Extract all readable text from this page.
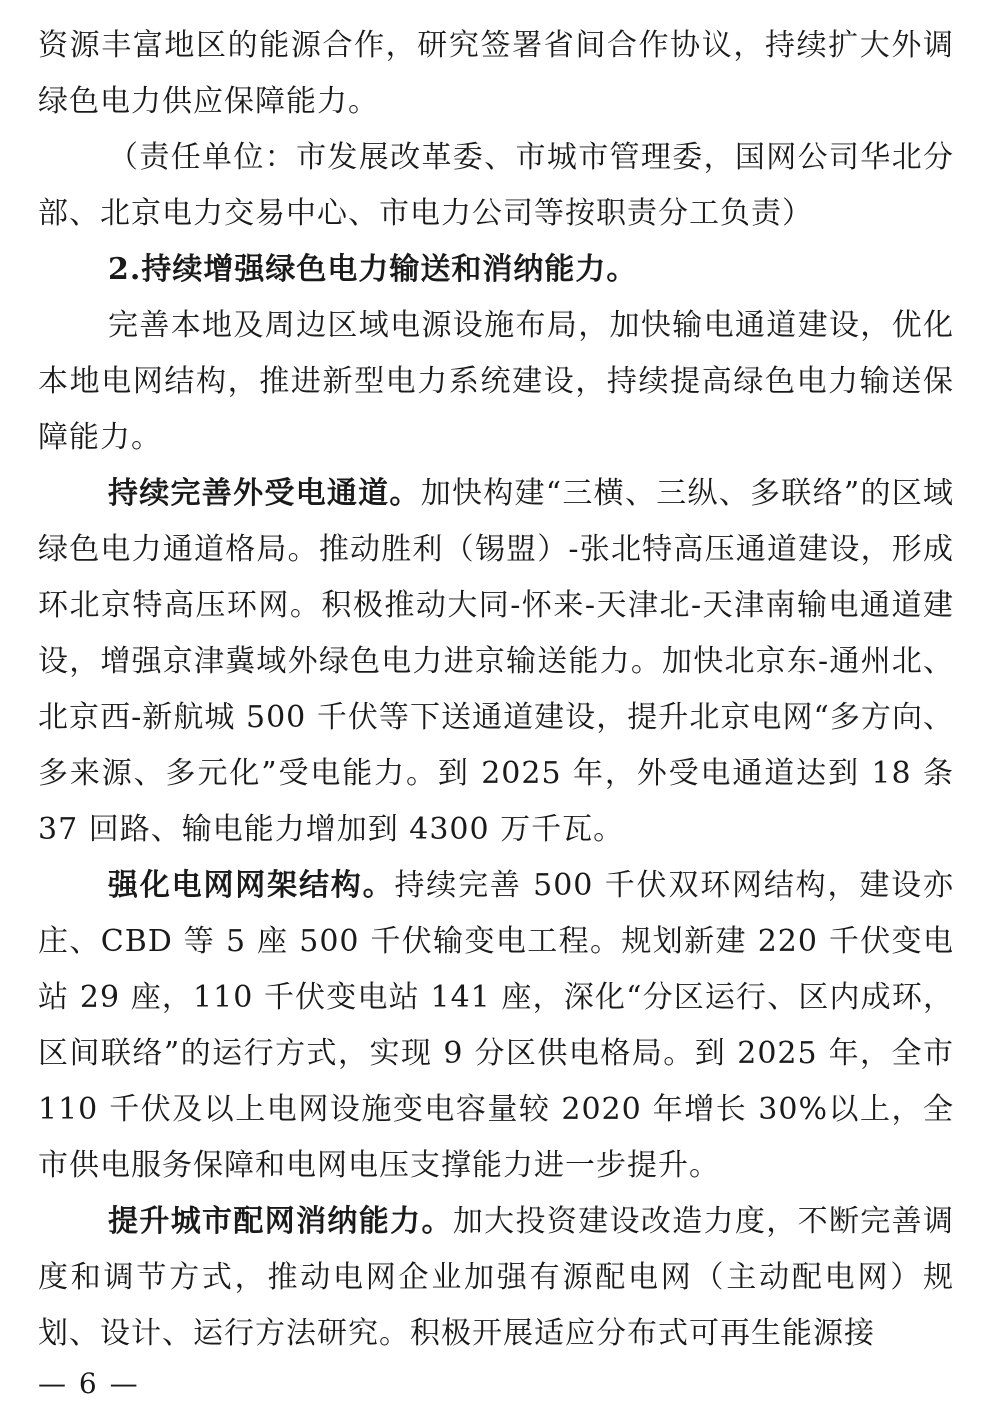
资源丰富地区的能源合作，研究签署省间合作协议，持续扩大外调绿色电力供应保障能力。

（责任单位：市发展改革委、市城市管理委，国网公司华北分部、北京电力交易中心、市电力公司等按职责分工负责）

2.持续增强绿色电力输送和消纳能力。

完善本地及周边区域电源设施布局，加快输电通道建设，优化本地电网结构，推进新型电力系统建设，持续提高绿色电力输送保障能力。

持续完善外受电通道。加快构建“三横、三纵、多联络”的区域绿色电力通道格局。推动胜利（锡盟）-张北特高压通道建设，形成环北京特高压环网。积极推动大同-怀来-天津北-天津南输电通道建设，增强京津冀域外绿色电力进京输送能力。加快北京东-通州北、北京西-新航城 500 千伏等下送通道建设，提升北京电网“多方向、多来源、多元化”受电能力。到 2025 年，外受电通道达到 18 条 37 回路、输电能力增加到 4300 万千瓦。

强化电网网架结构。持续完善 500 千伏双环网结构，建设亦庄、CBD 等 5 座 500 千伏输变电工程。规划新建 220 千伏变电站 29 座，110 千伏变电站 141 座，深化“分区运行、区内成环，区间联络”的运行方式，实现 9 分区供电格局。到 2025 年，全市 110 千伏及以上电网设施变电容量较 2020 年增长 30%以上，全市供电服务保障和电网电压支撑能力进一步提升。

提升城市配网消纳能力。加大投资建设改造力度，不断完善调度和调节方式，推动电网企业加强有源配电网（主动配电网）规划、设计、运行方法研究。积极开展适应分布式可再生能源接

— 6 —
